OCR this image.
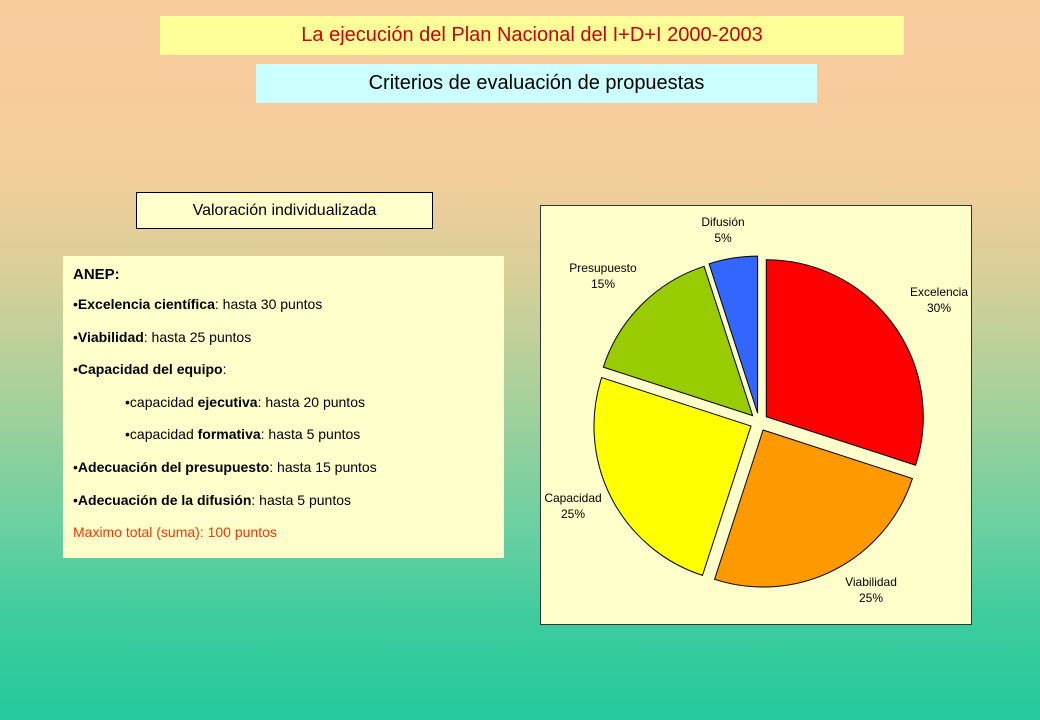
La ejecución del Plan Nacional del I+D+I 2000-2003
Criterios de evaluación de propuestas
Valoración individualizada
ANEP:
•Excelencia científica: hasta 30 puntos
•Viabilidad: hasta 25 puntos
•Capacidad del equipo:
•capacidad ejecutiva: hasta 20 puntos
•capacidad formativa: hasta 5 puntos
•Adecuación del presupuesto: hasta 15 puntos
•Adecuación de la difusión: hasta 5 puntos
Maximo total (suma): 100 puntos
Excelencia
30%
Viabilidad
25%
Capacidad
25%
Presupuesto
15%
Difusión
5%
